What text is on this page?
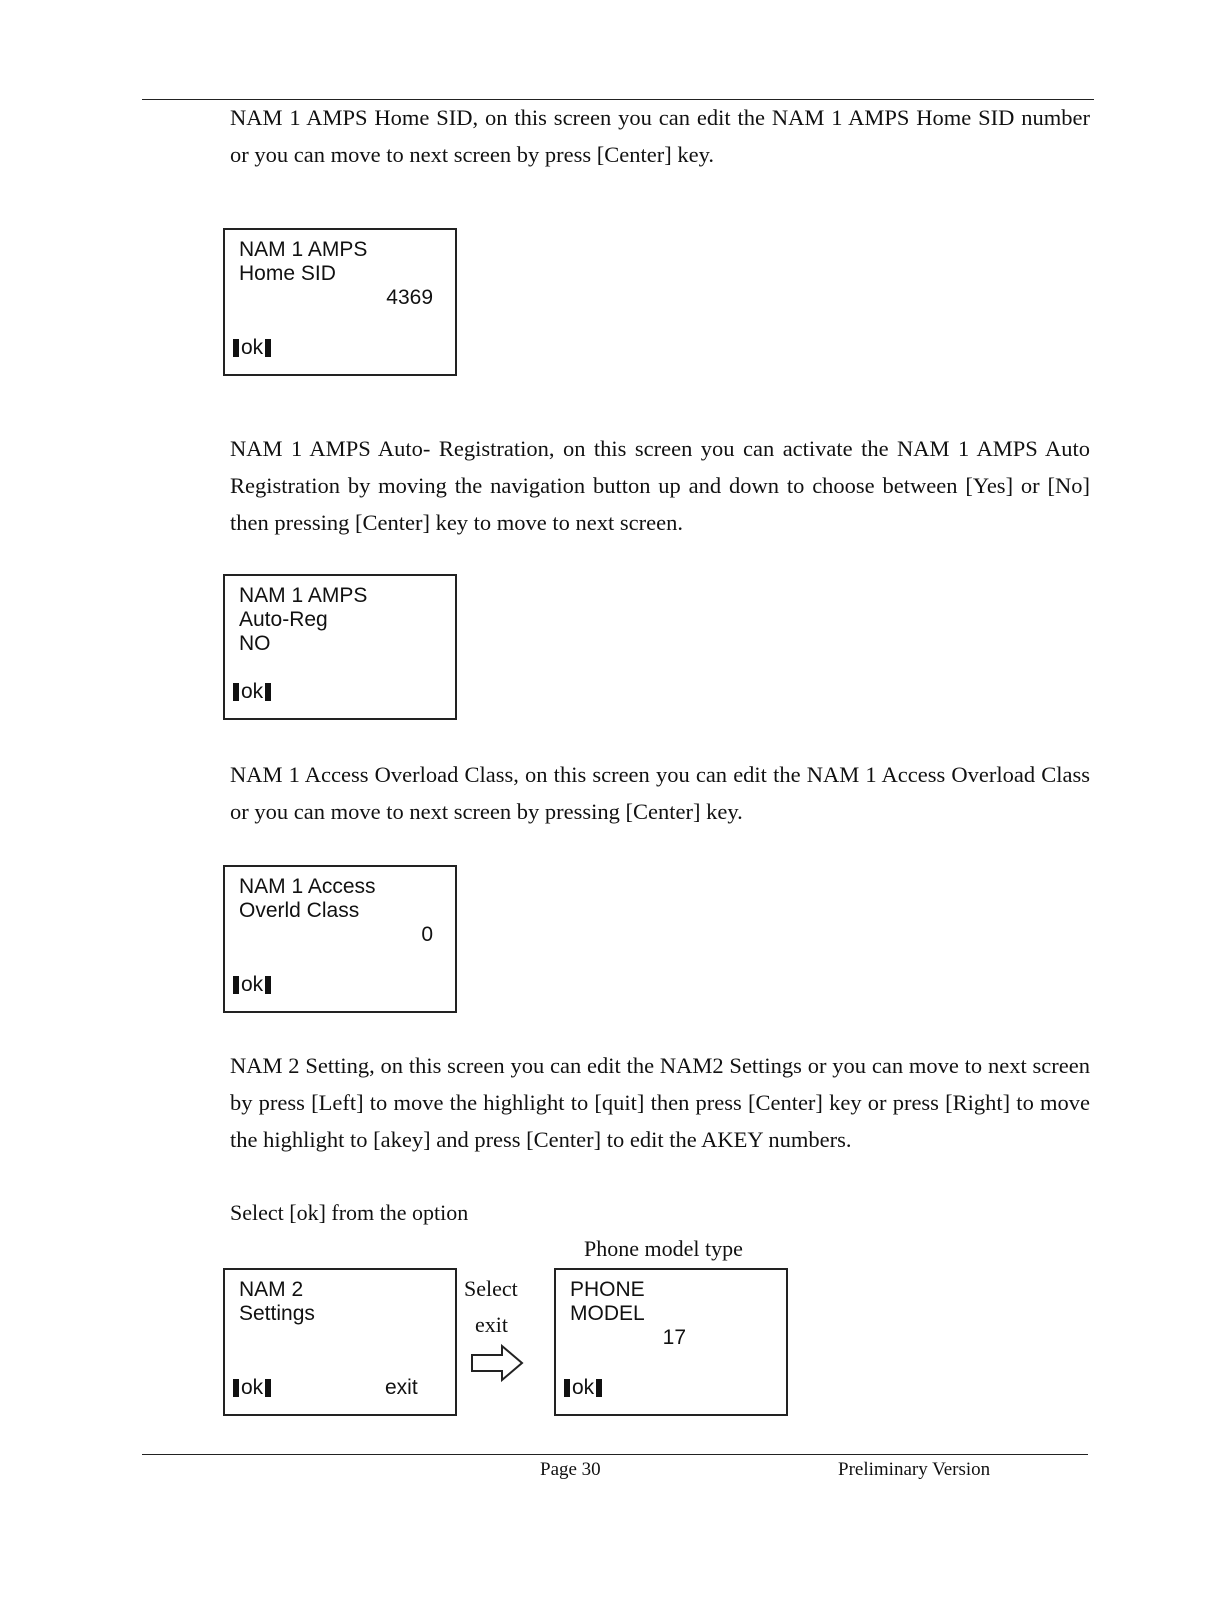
NAM 1 AMPS Home SID, on this screen you can edit the NAM 1 AMPS Home SID number or you can move to next screen by press [Center] key.

NAM 1 AMPS
Home SID
4369
ok

NAM 1 AMPS Auto- Registration, on this screen you can activate the NAM 1 AMPS Auto Registration by moving the navigation button up and down to choose between [Yes] or [No] then pressing [Center] key to move to next screen.

NAM 1 AMPS
Auto-Reg
NO
ok

NAM 1 Access Overload Class, on this screen you can edit the NAM 1 Access Overload Class or you can move to next screen by pressing [Center] key.

NAM 1 Access
Overld Class
0
ok

NAM 2 Setting, on this screen you can edit the NAM2 Settings or you can move to next screen by press [Left] to move the highlight to [quit] then press [Center] key or press [Right] to move the highlight to [akey] and press [Center] to edit the AKEY numbers.

Select [ok] from the option
Phone model type
NAM 2
Settings
ok	exit
Select
exit
PHONE
MODEL
17
ok
Page 30	Preliminary Version
